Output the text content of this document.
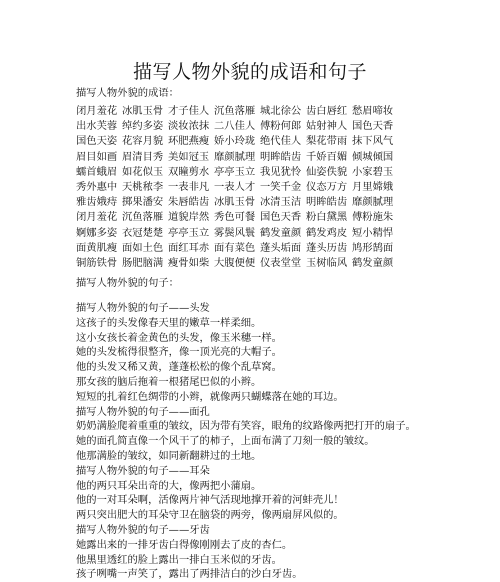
描写人物外貌的成语和句子
描写人物外貌的成语：
闭月羞花 冰肌玉骨 才子佳人 沉鱼落雁 城北徐公 齿白唇红 愁眉啼妆
出水芙蓉 绰约多姿 淡妆浓抹 二八佳人 傅粉何郎 姑射神人 国色天香
国色天姿 花容月貌 环肥燕瘦 娇小玲珑 绝代佳人 梨花带雨 抹下风气
眉目如画 眉清目秀 美如冠玉 靡颜腻理 明眸皓齿 千娇百媚 倾城倾国
蠕首蛾眉 如花似玉 双瞳剪水 亭亭玉立 我见犹怜 仙姿佚貌 小家碧玉
秀外惠中 天桃秾李 一表非凡 一表人才 一笑千金 仪态万方 月里嫦娥
雅齿娥痔 掷果潘安 朱唇皓齿 冰肌玉骨 冰清玉洁 明眸皓齿 靡颜腻理
闭月羞花 沉鱼落雁 道貌岸然 秀色可餐 国色天香 粉白黛黑 傅粉施朱
婀娜多姿 衣冠楚楚 亭亭玉立 雾鬓风鬟 鹤发童颜 鹤发鸡皮 短小精悍
面黄肌瘦 面如土色 面红耳赤 面有菜色 蓬头垢面 蓬头历齿 鸠形鹄面
铜筋铁骨 肠肥脑满 瘦骨如柴 大腹便便 仪表堂堂 玉树临风 鹤发童颜
描写人物外貌的句子：
描写人物外貌的句子——头发
这孩子的头发像春天里的嫩草一样柔细。
这小女孩长着金黄色的头发，像玉米穗一样。
她的头发梳得很整齐，像一顶光亮的大帽子。
他的头发又稀又黄，蓬蓬松松的像个乱草窝。
那女孩的脑后拖着一根猪尾巴似的小辫。
短短的扎着红色绸带的小辫，就像两只蝴蝶落在她的耳边。
描写人物外貌的句子——面孔
奶奶满脸爬着重重的皱纹，因为带有笑容，眼角的纹路像两把打开的扇子。
她的面孔简直像一个风干了的柿子，上面布满了刀刻一般的皱纹。
他那满脸的皱纹，如同新翻耕过的土地。
描写人物外貌的句子——耳朵
他的两只耳朵出奇的大，像两把小蒲扇。
他的一对耳朵啊，活像两片神气活现地撑开着的河蚌壳儿！
两只突出肥大的耳朵守卫在脑袋的两旁，像两扇屏风似的。
描写人物外貌的句子——牙齿
她露出来的一排牙齿白得像刚刚去了皮的杏仁。
他黑里透红的脸上露出一排白玉米似的牙齿。
孩子咧嘴一声笑了，露出了两排洁白的沙白牙齿。
